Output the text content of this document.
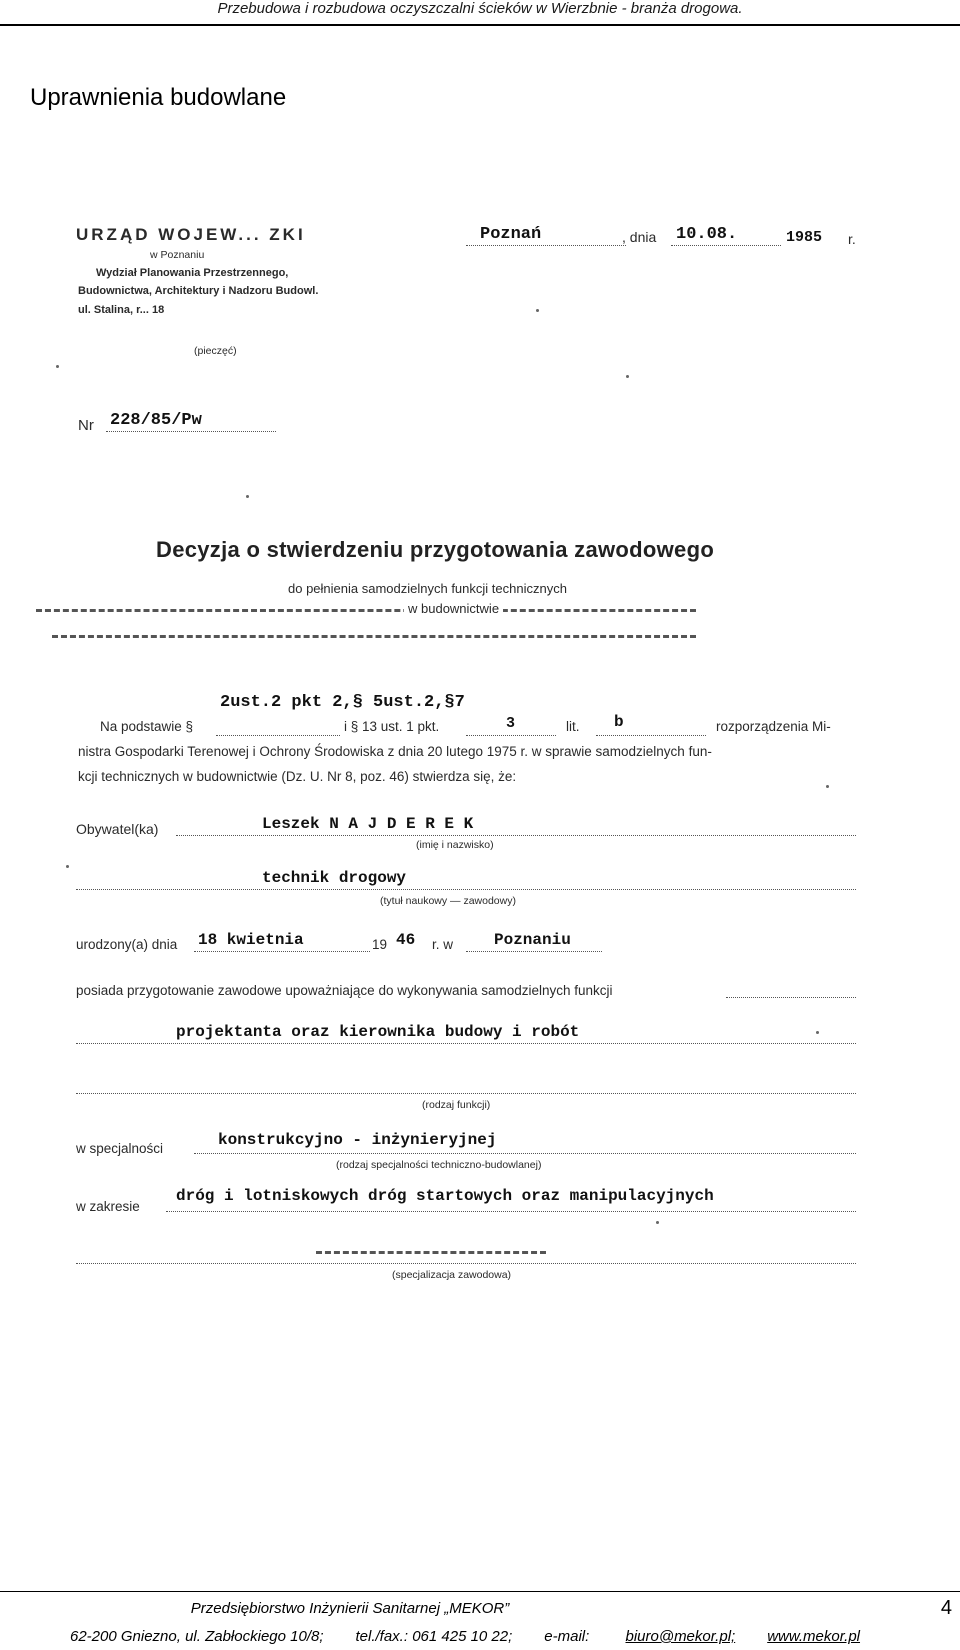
Przebudowa i rozbudowa oczyszczalni ścieków w Wierzbnie - branża drogowa.
Uprawnienia budowlane
URZĄD WOJEW... ZKI
w Poznaniu
Wydział Planowania Przestrzennego,
Budownictwa, Architektury i Nadzoru Budowl.
ul. Stalina, r... 18
(pieczęć)
Poznań	, dnia 10.08.	1985 r.
Nr 228/85/Pw
Decyzja o stwierdzeniu przygotowania zawodowego
do pełnienia samodzielnych funkcji technicznych
w budownictwie
2ust.2 pkt 2,§ 5ust.2,§7
Na podstawie §	i § 13 ust. 1 pkt.	3	lit. b	rozporządzenia Mi-
nistra Gospodarki Terenowej i Ochrony Środowiska z dnia 20 lutego 1975 r. w sprawie samodzielnych fun-
kcji technicznych w budownictwie (Dz. U. Nr 8, poz. 46) stwierdza się, że:
Obywatel(ka)	Leszek N A J D E R E K
(imię i nazwisko)
technik drogowy
(tytuł naukowy — zawodowy)
urodzony(a) dnia 18 kwietnia	19 46 r. w	Poznaniu
posiada przygotowanie zawodowe upoważniające do wykonywania samodzielnych funkcji
projektanta oraz kierownika budowy i robót
(rodzaj funkcji)
w specjalności	konstrukcyjno - inżynieryjnej
(rodzaj specjalności techniczno-budowlanej)
w zakresie
dróg i lotniskowych dróg startowych oraz manipulacyjnych
(specjalizacja zawodowa)
Przedsiębiorstwo Inżynierii Sanitarnej „MEKOR”	4
62-200 Gniezno, ul. Zabłockiego 10/8; tel./fax.: 061 425 10 22; e-mail: biuro@mekor.pl; www.mekor.pl
